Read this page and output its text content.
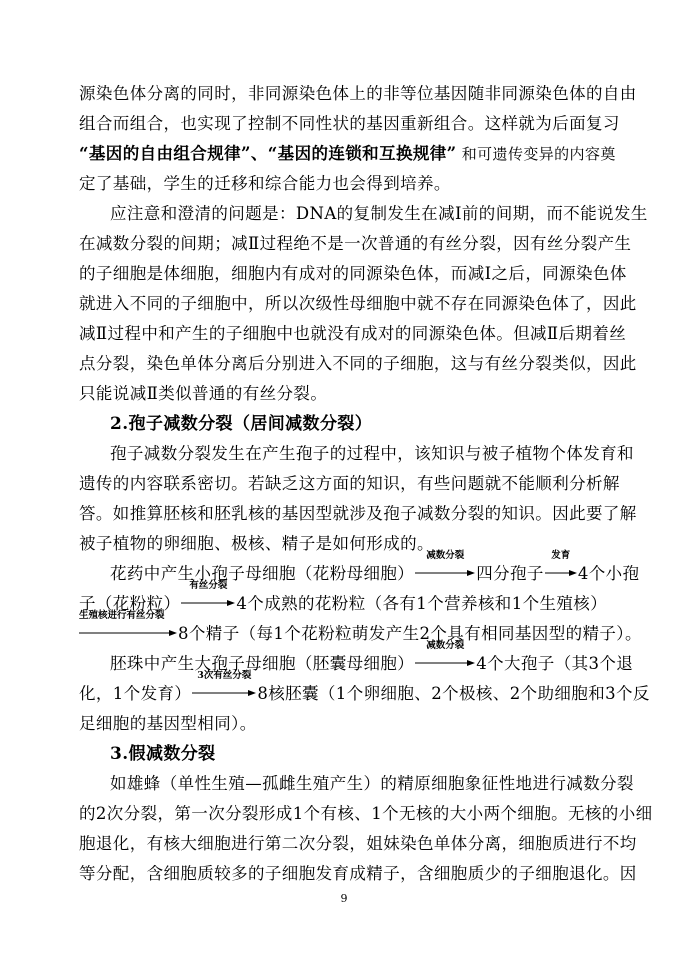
源染色体分离的同时，非同源染色体上的非等位基因随非同源染色体的自由
组合而组合，也实现了控制不同性状的基因重新组合。这样就为后面复习
“基因的自由组合规律”、“基因的连锁和互换规律” 和可遗传变异的内容奠
定了基础，学生的迁移和综合能力也会得到培养。
应注意和澄清的问题是：DNA的复制发生在减Ⅰ前的间期，而不能说发生
在减数分裂的间期；减Ⅱ过程绝不是一次普通的有丝分裂，因有丝分裂产生
的子细胞是体细胞，细胞内有成对的同源染色体，而减Ⅰ之后，同源染色体
就进入不同的子细胞中，所以次级性母细胞中就不存在同源染色体了，因此
减Ⅱ过程中和产生的子细胞中也就没有成对的同源染色体。但减Ⅱ后期着丝
点分裂，染色单体分离后分别进入不同的子细胞，这与有丝分裂类似，因此
只能说减Ⅱ类似普通的有丝分裂。
2.孢子减数分裂（居间减数分裂）
孢子减数分裂发生在产生孢子的过程中，该知识与被子植物个体发育和
遗传的内容联系密切。若缺乏这方面的知识，有些问题就不能顺利分析解
答。如推算胚核和胚乳核的基因型就涉及孢子减数分裂的知识。因此要了解
被子植物的卵细胞、极核、精子是如何形成的。
花药中产生小孢子母细胞（花粉母细胞）
减数分裂
四分孢子
发育
4个小孢
子（花粉粒）
有丝分裂
4个成熟的花粉粒（各有1个营养核和1个生殖核）
生殖核进行有丝分裂
8个精子（每1个花粉粒萌发产生2个具有相同基因型的精子）。
胚珠中产生大孢子母细胞（胚囊母细胞）
减数分裂
4个大孢子（其3个退
化，1个发育）
3次有丝分裂
8核胚囊（1个卵细胞、2个极核、2个助细胞和3个反
足细胞的基因型相同）。
3.假减数分裂
如雄蜂（单性生殖—孤雌生殖产生）的精原细胞象征性地进行减数分裂
的2次分裂，第一次分裂形成1个有核、1个无核的大小两个细胞。无核的小细
胞退化，有核大细胞进行第二次分裂，姐妹染色单体分离，细胞质进行不均
等分配，含细胞质较多的子细胞发育成精子，含细胞质少的子细胞退化。因
9
